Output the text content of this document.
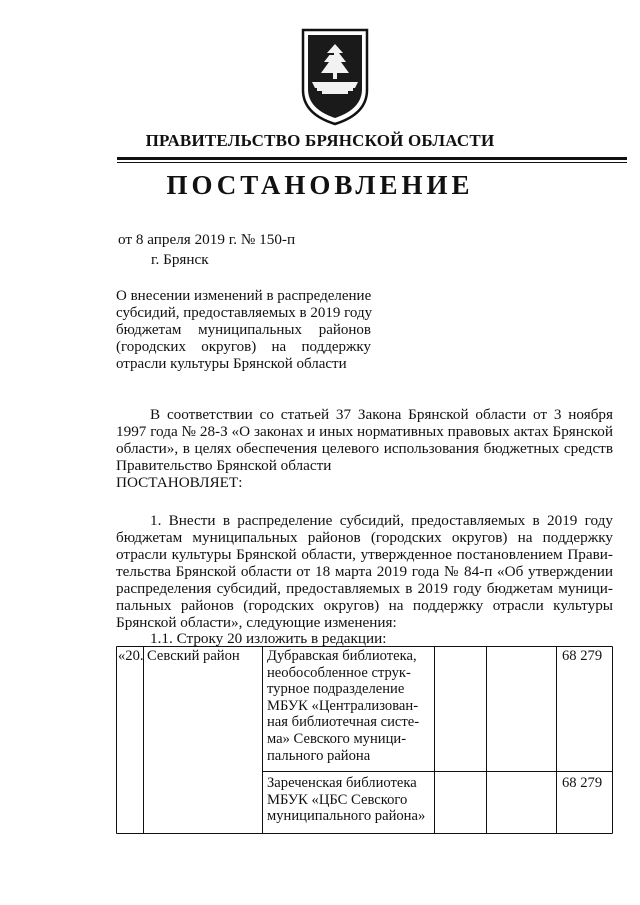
ПРАВИТЕЛЬСТВО БРЯНСКОЙ ОБЛАСТИ
ПОСТАНОВЛЕНИЕ
от 8 апреля 2019 г. № 150-п
г. Брянск
О внесении изменений в распределение
субсидий, предоставляемых в 2019 году
бюджетам муниципальных районов
(городских округов) на поддержку
отрасли культуры Брянской области
В соответствии со статьей 37 Закона Брянской области от 3 ноября
1997 года № 28-З «О законах и иных нормативных правовых актах Брянской
области», в целях обеспечения целевого использования бюджетных средств
Правительство Брянской области
ПОСТАНОВЛЯЕТ:
1. Внести в распределение субсидий, предоставляемых в 2019 году
бюджетам муниципальных районов (городских округов) на поддержку
отрасли культуры Брянской области, утвержденное постановлением Прави-
тельства Брянской области от 18 марта 2019 года № 84-п «Об утверждении
распределения субсидий, предоставляемых в 2019 году бюджетам муници-
пальных районов (городских округов) на поддержку отрасли культуры
Брянской области», следующие изменения:
1.1. Строку 20 изложить в редакции:
«20. Севский район Дубравская библиотека,
необособленное струк-
турное подразделение
МБУК «Централизован-
ная библиотечная систе-
ма» Севского муници-
пального района
68 279
Зареченская библиотека
МБУК «ЦБС Севского
муниципального района»
68 279
